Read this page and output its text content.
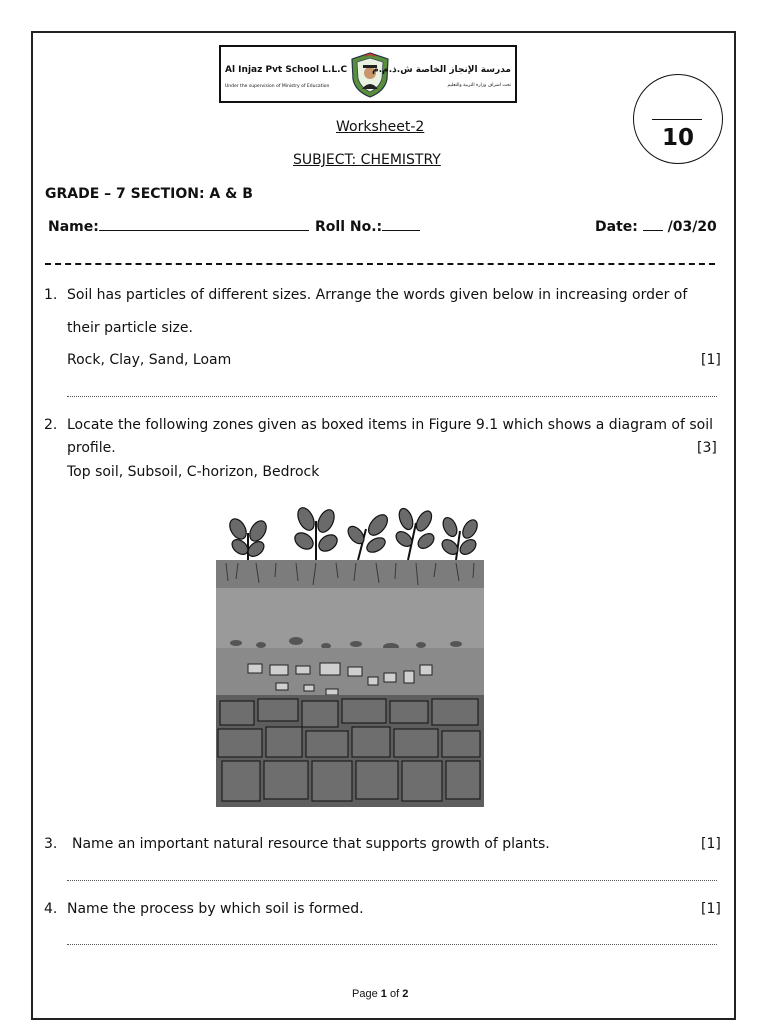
Al Injaz Pvt School L.L.C
Under the supervision of Ministry of Education
مدرسة الإنجاز الخاصة ش.ذ.م.م
تحت اشراف وزارة التربية والتعليم
10
Worksheet-2
SUBJECT: CHEMISTRY
GRADE – 7 SECTION: A & B
Name:	Roll No.:	Date: /03/20
1. Soil has particles of different sizes. Arrange the words given below in increasing order of
their particle size.
Rock, Clay, Sand, Loam	[1]
2. Locate the following zones given as boxed items in Figure 9.1 which shows a diagram of soil
profile.	[3]
Top soil, Subsoil, C-horizon, Bedrock
3. Name an important natural resource that supports growth of plants.	[1]
4. Name the process by which soil is formed.	[1]
Page 1 of 2
